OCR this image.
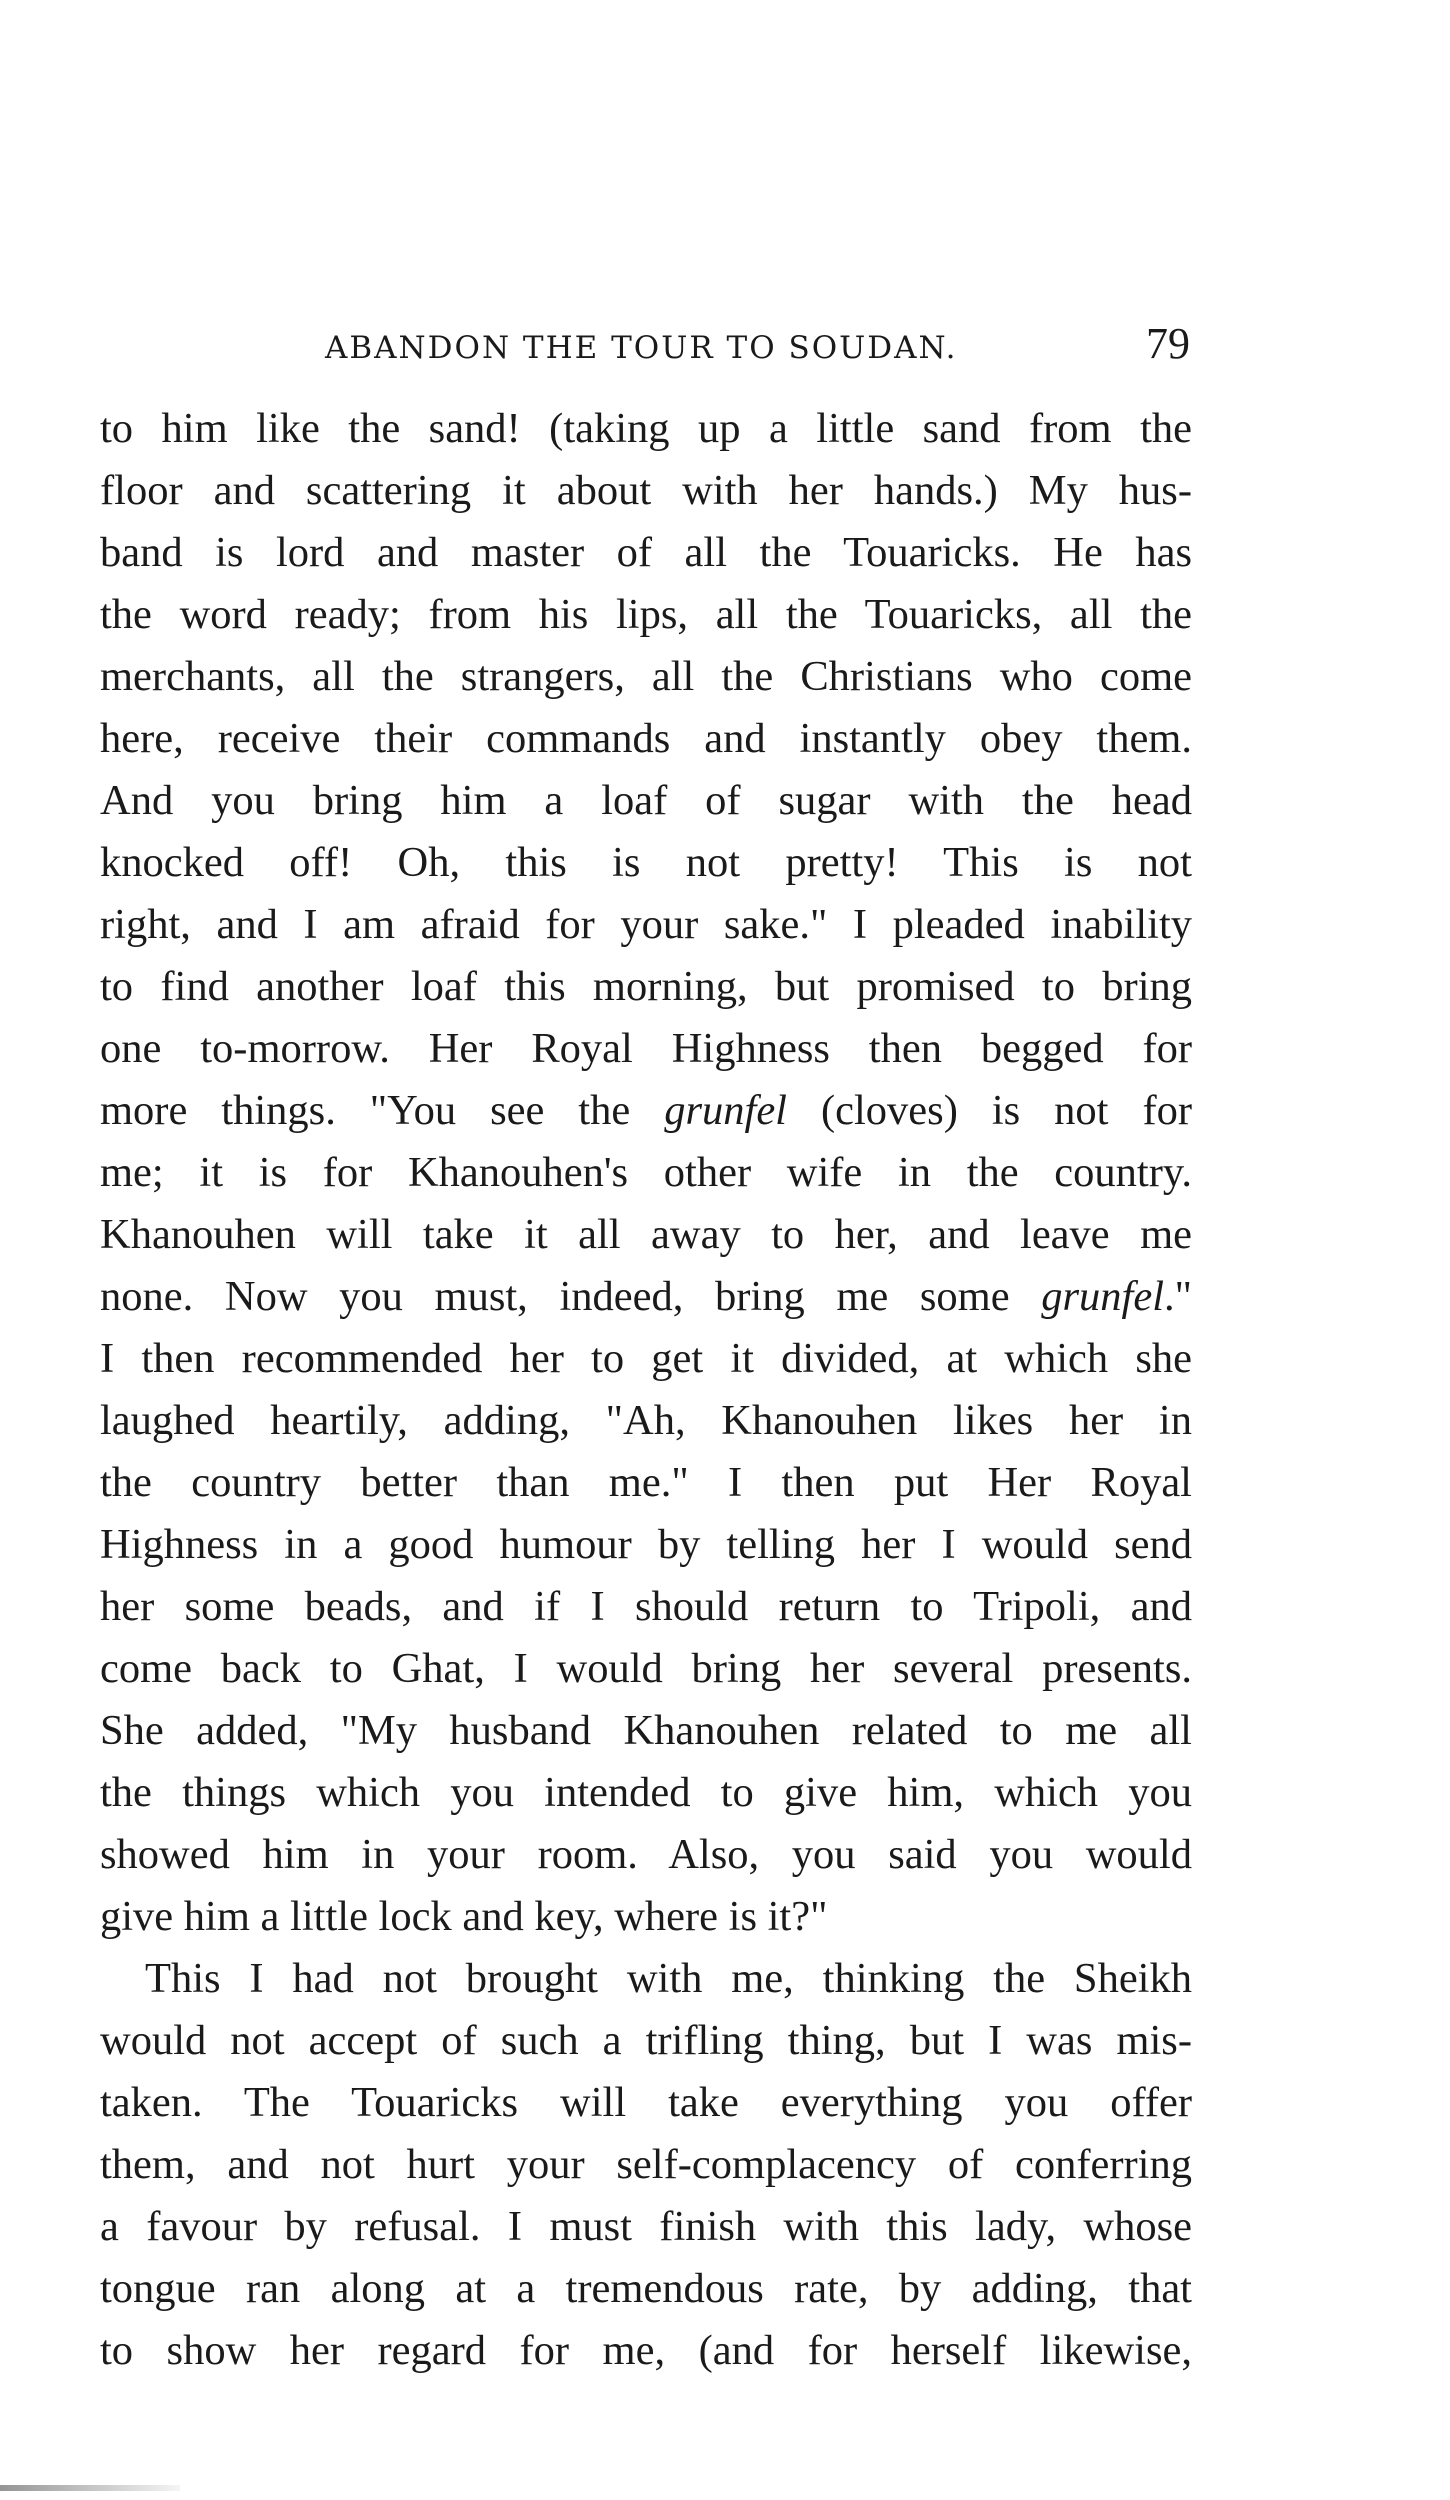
ABANDON THE TOUR TO SOUDAN.	79
to him like the sand! (taking up a little sand from the
floor and scattering it about with her hands.) My hus-
band is lord and master of all the Touaricks. He has
the word ready; from his lips, all the Touaricks, all the
merchants, all the strangers, all the Christians who come
here, receive their commands and instantly obey them.
And you bring him a loaf of sugar with the head
knocked off! Oh, this is not pretty! This is not
right, and I am afraid for your sake." I pleaded inability
to find another loaf this morning, but promised to bring
one to-morrow. Her Royal Highness then begged for
more things. "You see the grunfel (cloves) is not for
me; it is for Khanouhen's other wife in the country.
Khanouhen will take it all away to her, and leave me
none. Now you must, indeed, bring me some grunfel."
I then recommended her to get it divided, at which she
laughed heartily, adding, "Ah, Khanouhen likes her in
the country better than me." I then put Her Royal
Highness in a good humour by telling her I would send
her some beads, and if I should return to Tripoli, and
come back to Ghat, I would bring her several presents.
She added, "My husband Khanouhen related to me all
the things which you intended to give him, which you
showed him in your room. Also, you said you would
give him a little lock and key, where is it?"
This I had not brought with me, thinking the Sheikh
would not accept of such a trifling thing, but I was mis-
taken. The Touaricks will take everything you offer
them, and not hurt your self-complacency of conferring
a favour by refusal. I must finish with this lady, whose
tongue ran along at a tremendous rate, by adding, that
to show her regard for me, (and for herself likewise,
